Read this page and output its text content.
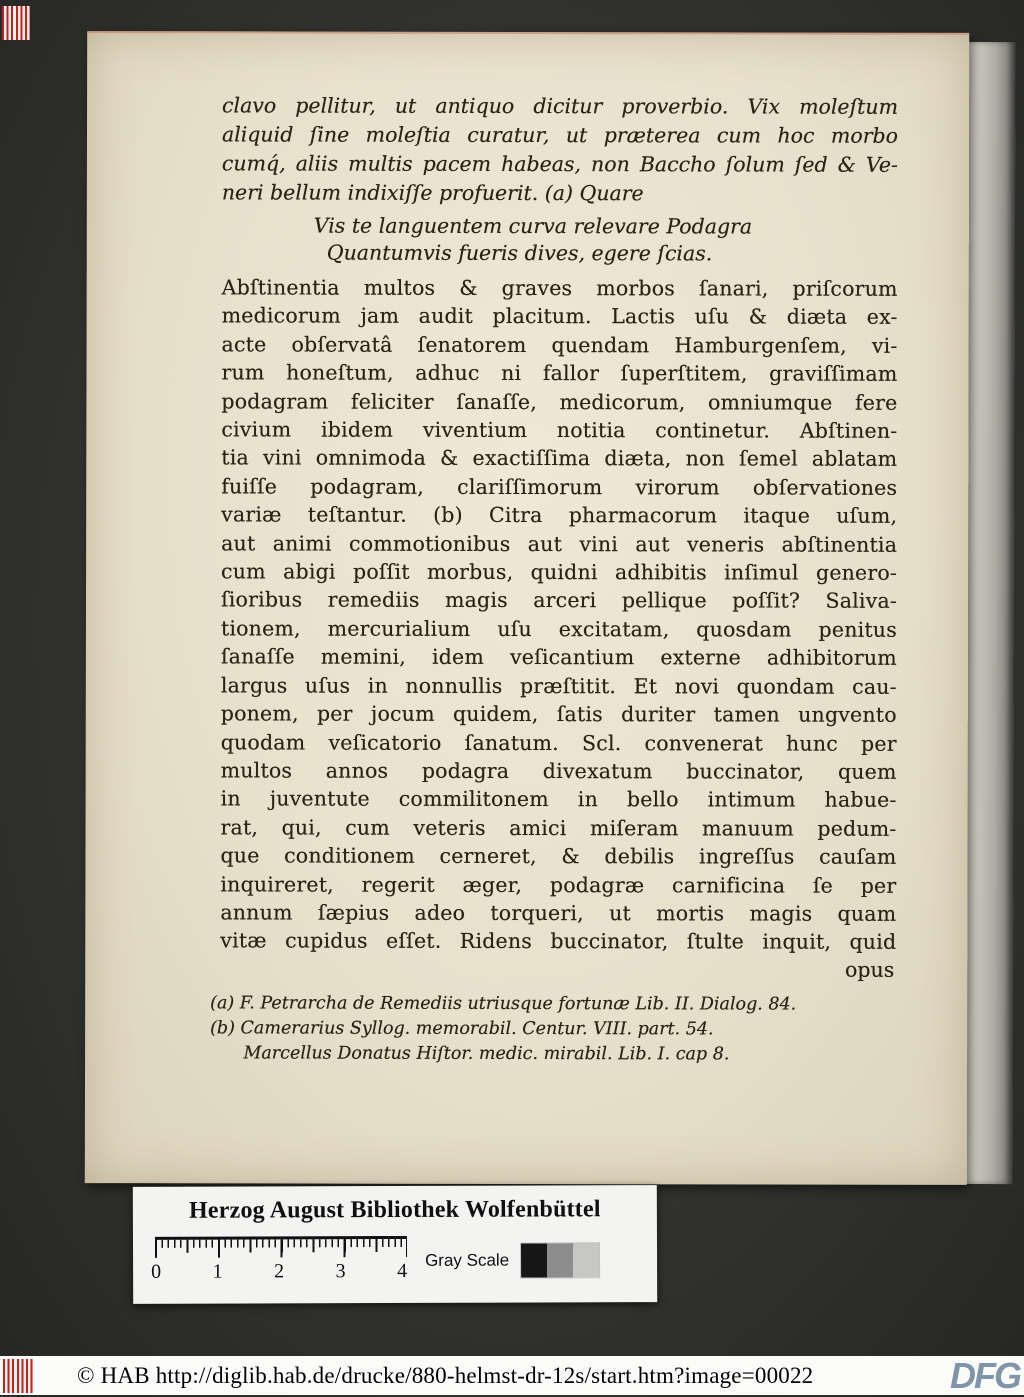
clavo pellitur, ut antiquo dicitur proverbio. Vix moleſtum
aliquid ſine moleſtia curatur, ut præterea cum hoc morbo
cumq́, aliis multis pacem habeas, non Baccho ſolum ſed & Ve-
neri bellum indixiſſe profuerit. (a) Quare
Vis te languentem curva relevare Podagra
Quantumvis fueris dives, egere ſcias.
Abſtinentia multos & graves morbos ſanari, priſcorum
medicorum jam audit placitum. Lactis uſu & diæta ex-
acte obſervatâ ſenatorem quendam Hamburgenſem, vi-
rum honeſtum, adhuc ni fallor ſuperſtitem, graviſſimam
podagram feliciter ſanaſſe, medicorum, omniumque fere
civium ibidem viventium notitia continetur. Abſtinen-
tia vini omnimoda & exactiſſima diæta, non ſemel ablatam
fuiſſe podagram, clariſſimorum virorum obſervationes
variæ teſtantur. (b) Citra pharmacorum itaque uſum,
aut animi commotionibus aut vini aut veneris abſtinentia
cum abigi poſſit morbus, quidni adhibitis inſimul genero-
ſioribus remediis magis arceri pellique poſſit? Saliva-
tionem, mercurialium uſu excitatam, quosdam penitus
ſanaſſe memini, idem veſicantium externe adhibitorum
largus uſus in nonnullis præſtitit. Et novi quondam cau-
ponem, per jocum quidem, ſatis duriter tamen ungvento
quodam veſicatorio ſanatum. Scl. convenerat hunc per
multos annos podagra divexatum buccinator, quem
in juventute commilitonem in bello intimum habue-
rat, qui, cum veteris amici miſeram manuum pedum-
que conditionem cerneret, & debilis ingreſſus cauſam
inquireret, regerit æger, podagræ carnificina ſe per
annum ſæpius adeo torqueri, ut mortis magis quam
vitæ cupidus eſſet. Ridens buccinator, ſtulte inquit, quid
opus
(a) F. Petrarcha de Remediis utriusque fortunæ Lib. II. Dialog. 84.
(b) Camerarius Syllog. memorabil. Centur. VIII. part. 54.
Marcellus Donatus Hiſtor. medic. mirabil. Lib. I. cap 8.
Herzog August Bibliothek Wolfenbüttel
0	1	2	3	4 Gray Scale
© HAB http://diglib.hab.de/drucke/880-helmst-dr-12s/start.htm?image=00022	DFG
